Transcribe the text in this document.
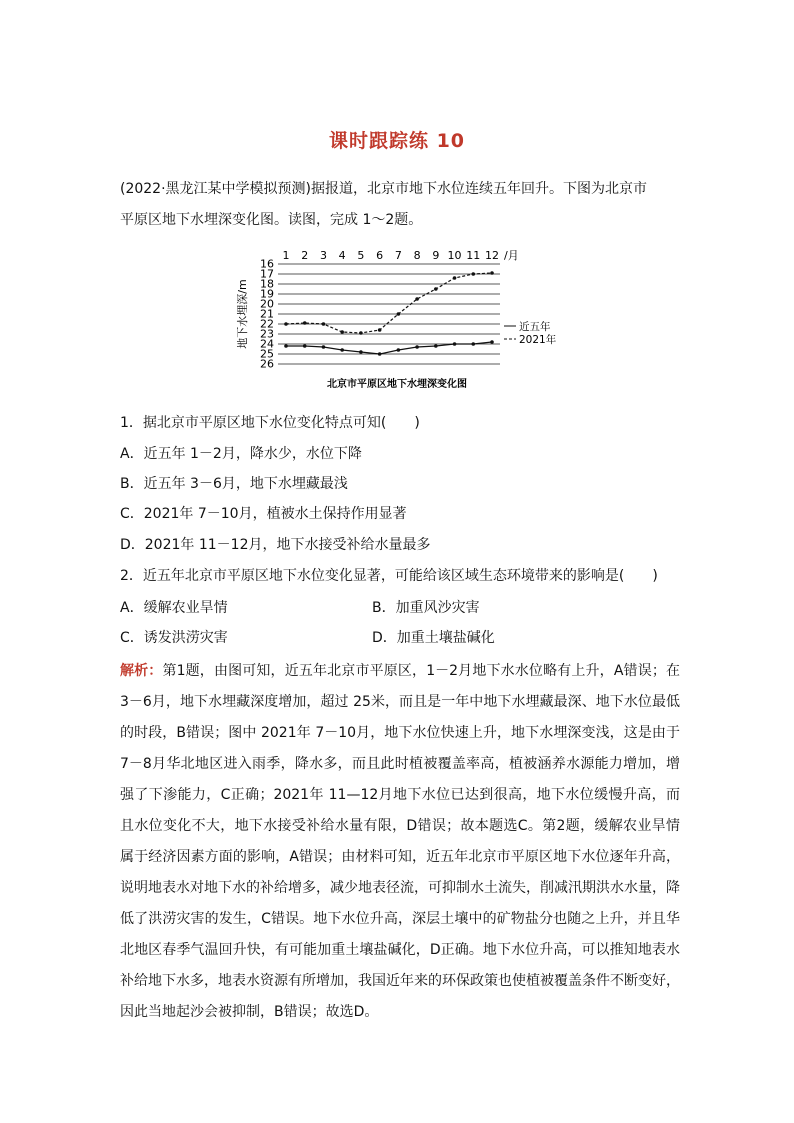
课时跟踪练 10

(2022·黑龙江某中学模拟预测)据报道，北京市地下水位连续五年回升。下图为北京市

平原区地下水埋深变化图。读图，完成 1～2题。

1 2 3 4 5 6 7 8 9 10 11 12
16
17
18
19
20
21
22
23
24
25
26
/月
地下水埋深/m	近五年
2021年
北京市平原区地下水埋深变化图
1．据北京市平原区地下水位变化特点可知(　　)
A．近五年 1－2月，降水少，水位下降
B．近五年 3－6月，地下水埋藏最浅
C．2021年 7－10月，植被水土保持作用显著
D．2021年 11－12月，地下水接受补给水量最多
2．近五年北京市平原区地下水位变化显著，可能给该区域生态环境带来的影响是(　　)
A．缓解农业旱情	B．加重风沙灾害
C．诱发洪涝灾害	D．加重土壤盐碱化

解析：第1题，由图可知，近五年北京市平原区，1－2月地下水水位略有上升，A错误；在 3－6月，地下水埋藏深度增加，超过 25米，而且是一年中地下水埋藏最深、地下水位最低的时段，B错误；图中 2021年 7－10月，地下水位快速上升，地下水埋深变浅，这是由于 7－8月华北地区进入雨季，降水多，而且此时植被覆盖率高，植被涵养水源能力增加，增强了下渗能力，C正确；2021年 11—12月地下水位已达到很高，地下水位缓慢升高，而且水位变化不大，地下水接受补给水量有限，D错误；故本题选C。第2题，缓解农业旱情属于经济因素方面的影响，A错误；由材料可知，近五年北京市平原区地下水位逐年升高，说明地表水对地下水的补给增多，减少地表径流，可抑制水土流失，削减汛期洪水水量，降低了洪涝灾害的发生，C错误。地下水位升高，深层土壤中的矿物盐分也随之上升，并且华北地区春季气温回升快，有可能加重土壤盐碱化，D正确。地下水位升高，可以推知地表水补给地下水多，地表水资源有所增加，我国近年来的环保政策也使植被覆盖条件不断变好，因此当地起沙会被抑制，B错误；故选D。
